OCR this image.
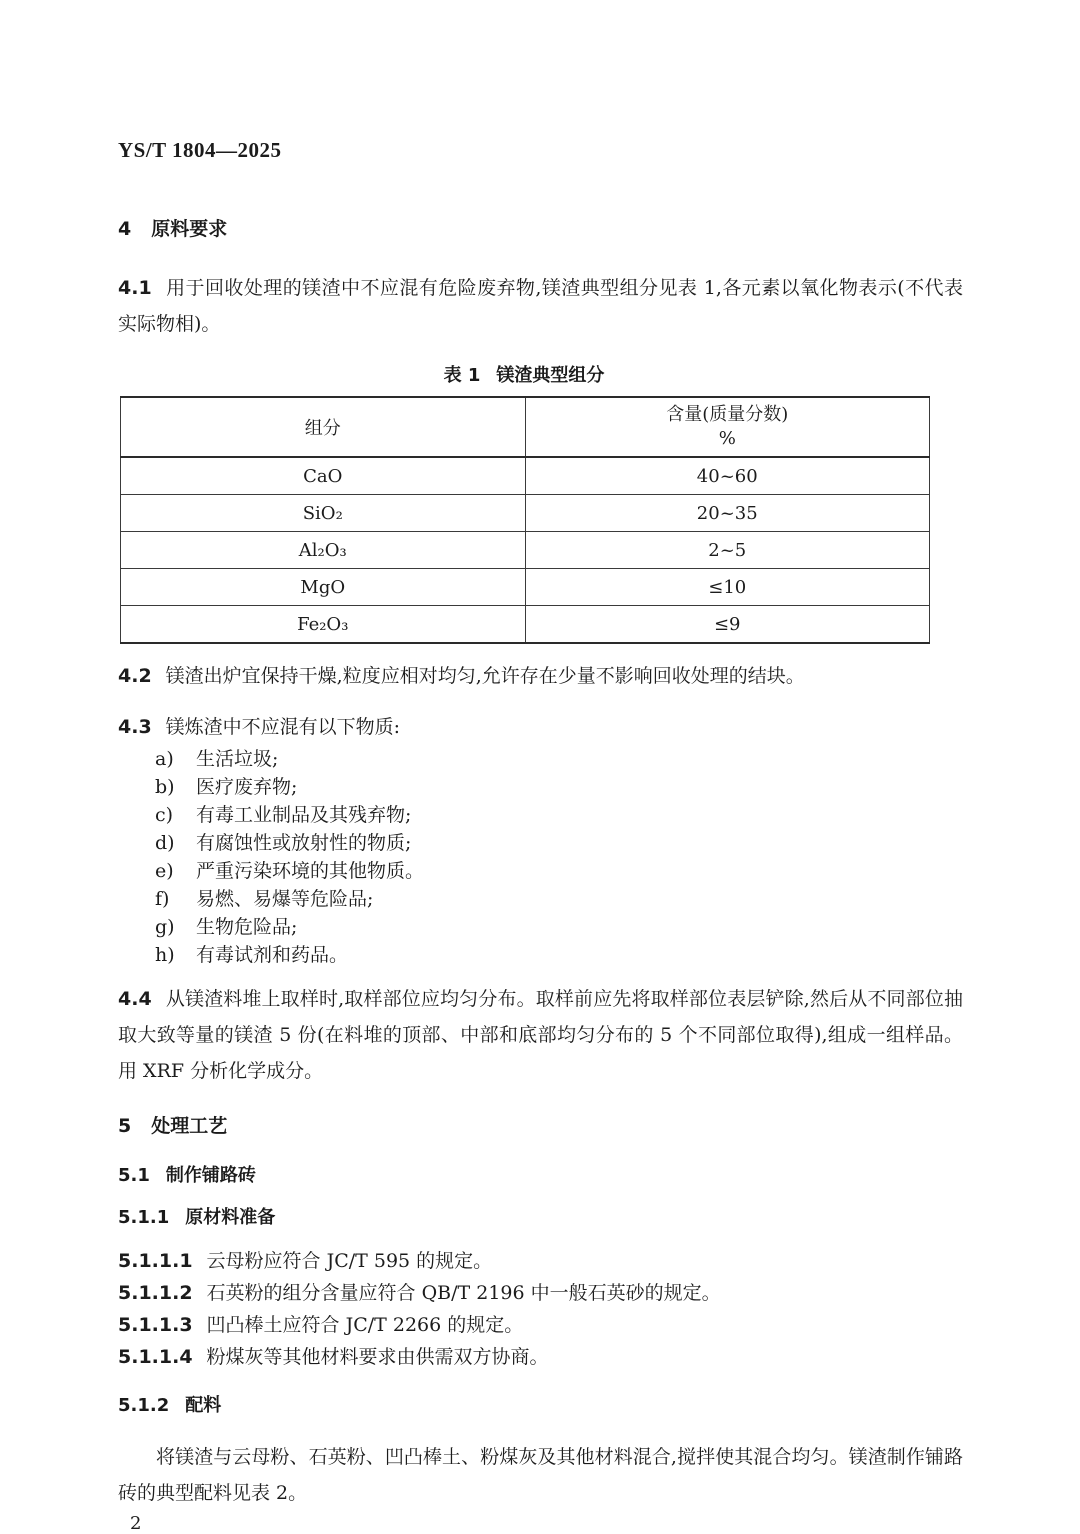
YS/T 1804—2025
4 原料要求

4.1 用于回收处理的镁渣中不应混有危险废弃物,镁渣典型组分见表 1,各元素以氧化物表示(不代表实际物相)。

表 1 镁渣典型组分
组分	含量(质量分数)
%

CaO	40~60
SiO₂	20~35
Al₂O₃	2~5
MgO	≤10
Fe₂O₃	≤9

4.2 镁渣出炉宜保持干燥,粒度应相对均匀,允许存在少量不影响回收处理的结块。

4.3 镁炼渣中不应混有以下物质:

a) 生活垃圾;
b) 医疗废弃物;
c) 有毒工业制品及其残弃物;
d) 有腐蚀性或放射性的物质;
e) 严重污染环境的其他物质。
f) 易燃、易爆等危险品;
g) 生物危险品;
h) 有毒试剂和药品。

4.4 从镁渣料堆上取样时,取样部位应均匀分布。取样前应先将取样部位表层铲除,然后从不同部位抽取大致等量的镁渣 5 份(在料堆的顶部、中部和底部均匀分布的 5 个不同部位取得),组成一组样品。用 XRF 分析化学成分。

5 处理工艺
5.1 制作铺路砖
5.1.1 原材料准备

5.1.1.1 云母粉应符合 JC/T 595 的规定。

5.1.1.2 石英粉的组分含量应符合 QB/T 2196 中一般石英砂的规定。

5.1.1.3 凹凸棒土应符合 JC/T 2266 的规定。

5.1.1.4 粉煤灰等其他材料要求由供需双方协商。

5.1.2 配料

将镁渣与云母粉、石英粉、凹凸棒土、粉煤灰及其他材料混合,搅拌使其混合均匀。镁渣制作铺路砖的典型配料见表 2。

2
